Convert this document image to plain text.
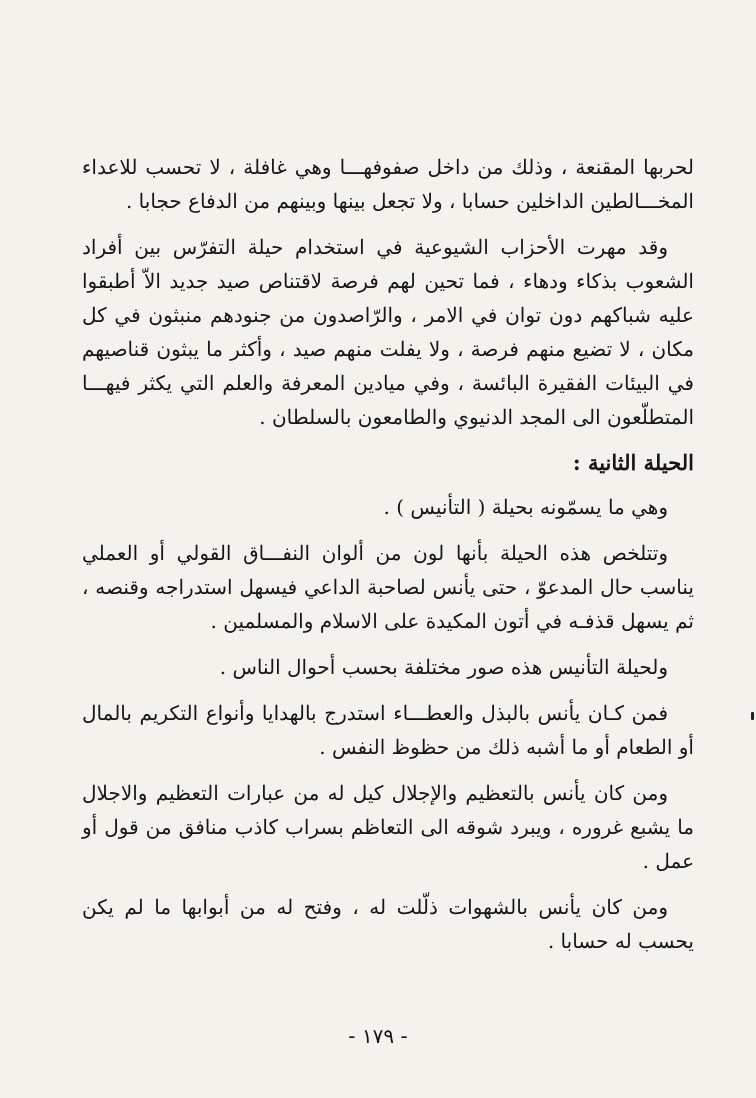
لحربها المقنعة ، وذلك من داخل صفوفهـــا وهي غافلة ، لا تحسب للاعداء المخـــالطين الداخلين حسابا ، ولا تجعل بينها وبينهم من الدفاع حجابا .

وقد مهرت الأحزاب الشيوعية في استخدام حيلة التفرّس بين أفراد الشعوب بذكاء ودهاء ، فما تحين لهم فرصة لاقتناص صيد جديد الاّ أطبقوا عليه شباكهم دون توان في الامر ، والرّاصدون من جنودهم منبثون في كل مكان ، لا تضيع منهم فرصة ، ولا يفلت منهم صيد ، وأكثر ما يبثون قناصيهم في البيئات الفقيرة البائسة ، وفي ميادين المعرفة والعلم التي يكثر فيهـــا المتطلّعون الى المجد الدنيوي والطامعون بالسلطان .

الحيلة الثانية :

وهي ما يسمّونه بحيلة ( التأنيس ) .

وتتلخص هذه الحيلة بأنها لون من ألوان النفـــاق القولي أو العملي يناسب حال المدعوّ ، حتى يأنس لصاحبة الداعي فيسهل استدراجه وقنصه ، ثم يسهل قذفـه في أتون المكيدة على الاسلام والمسلمين .

ولحيلة التأنيس هذه صور مختلفة بحسب أحوال الناس .

فمن كـان يأنس بالبذل والعطـــاء استدرج بالهدايا وأنواع التكريم بالمال أو الطعام أو ما أشبه ذلك من حظوظ النفس .

ومن كان يأنس بالتعظيم والإجلال كيل له من عبارات التعظيم والاجلال ما يشبع غروره ، ويبرد شوقه الى التعاظم بسراب كاذب منافق من قول أو عمل .

ومن كان يأنس بالشهوات ذلّلت له ، وفتح له من أبوابها ما لم يكن يحسب له حسابا .

- ١٧٩ -
